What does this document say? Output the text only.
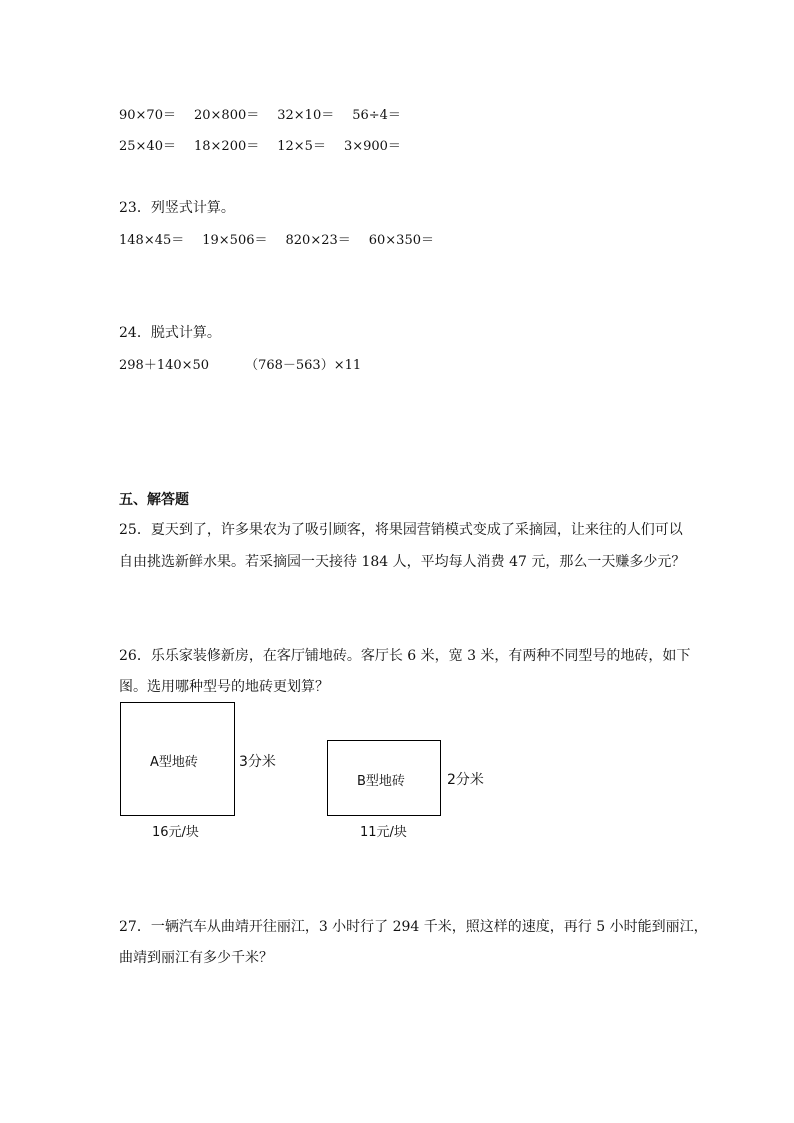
90×70＝ 20×800＝ 32×10＝ 56÷4＝
25×40＝ 18×200＝ 12×5＝ 3×900＝
23．列竖式计算。
148×45＝ 19×506＝ 820×23＝ 60×350＝
24．脱式计算。
298＋140×50	（768－563）×11
五、解答题
25．夏天到了，许多果农为了吸引顾客，将果园营销模式变成了采摘园，让来往的人们可以
自由挑选新鲜水果。若采摘园一天接待 184 人，平均每人消费 47 元，那么一天赚多少元？
26．乐乐家装修新房，在客厅铺地砖。客厅长 6 米，宽 3 米，有两种不同型号的地砖，如下
图。选用哪种型号的地砖更划算？
A型地砖	3分米
16元/块
B型地砖	2分米
11元/块
27．一辆汽车从曲靖开往丽江，3 小时行了 294 千米，照这样的速度，再行 5 小时能到丽江，
曲靖到丽江有多少千米？
